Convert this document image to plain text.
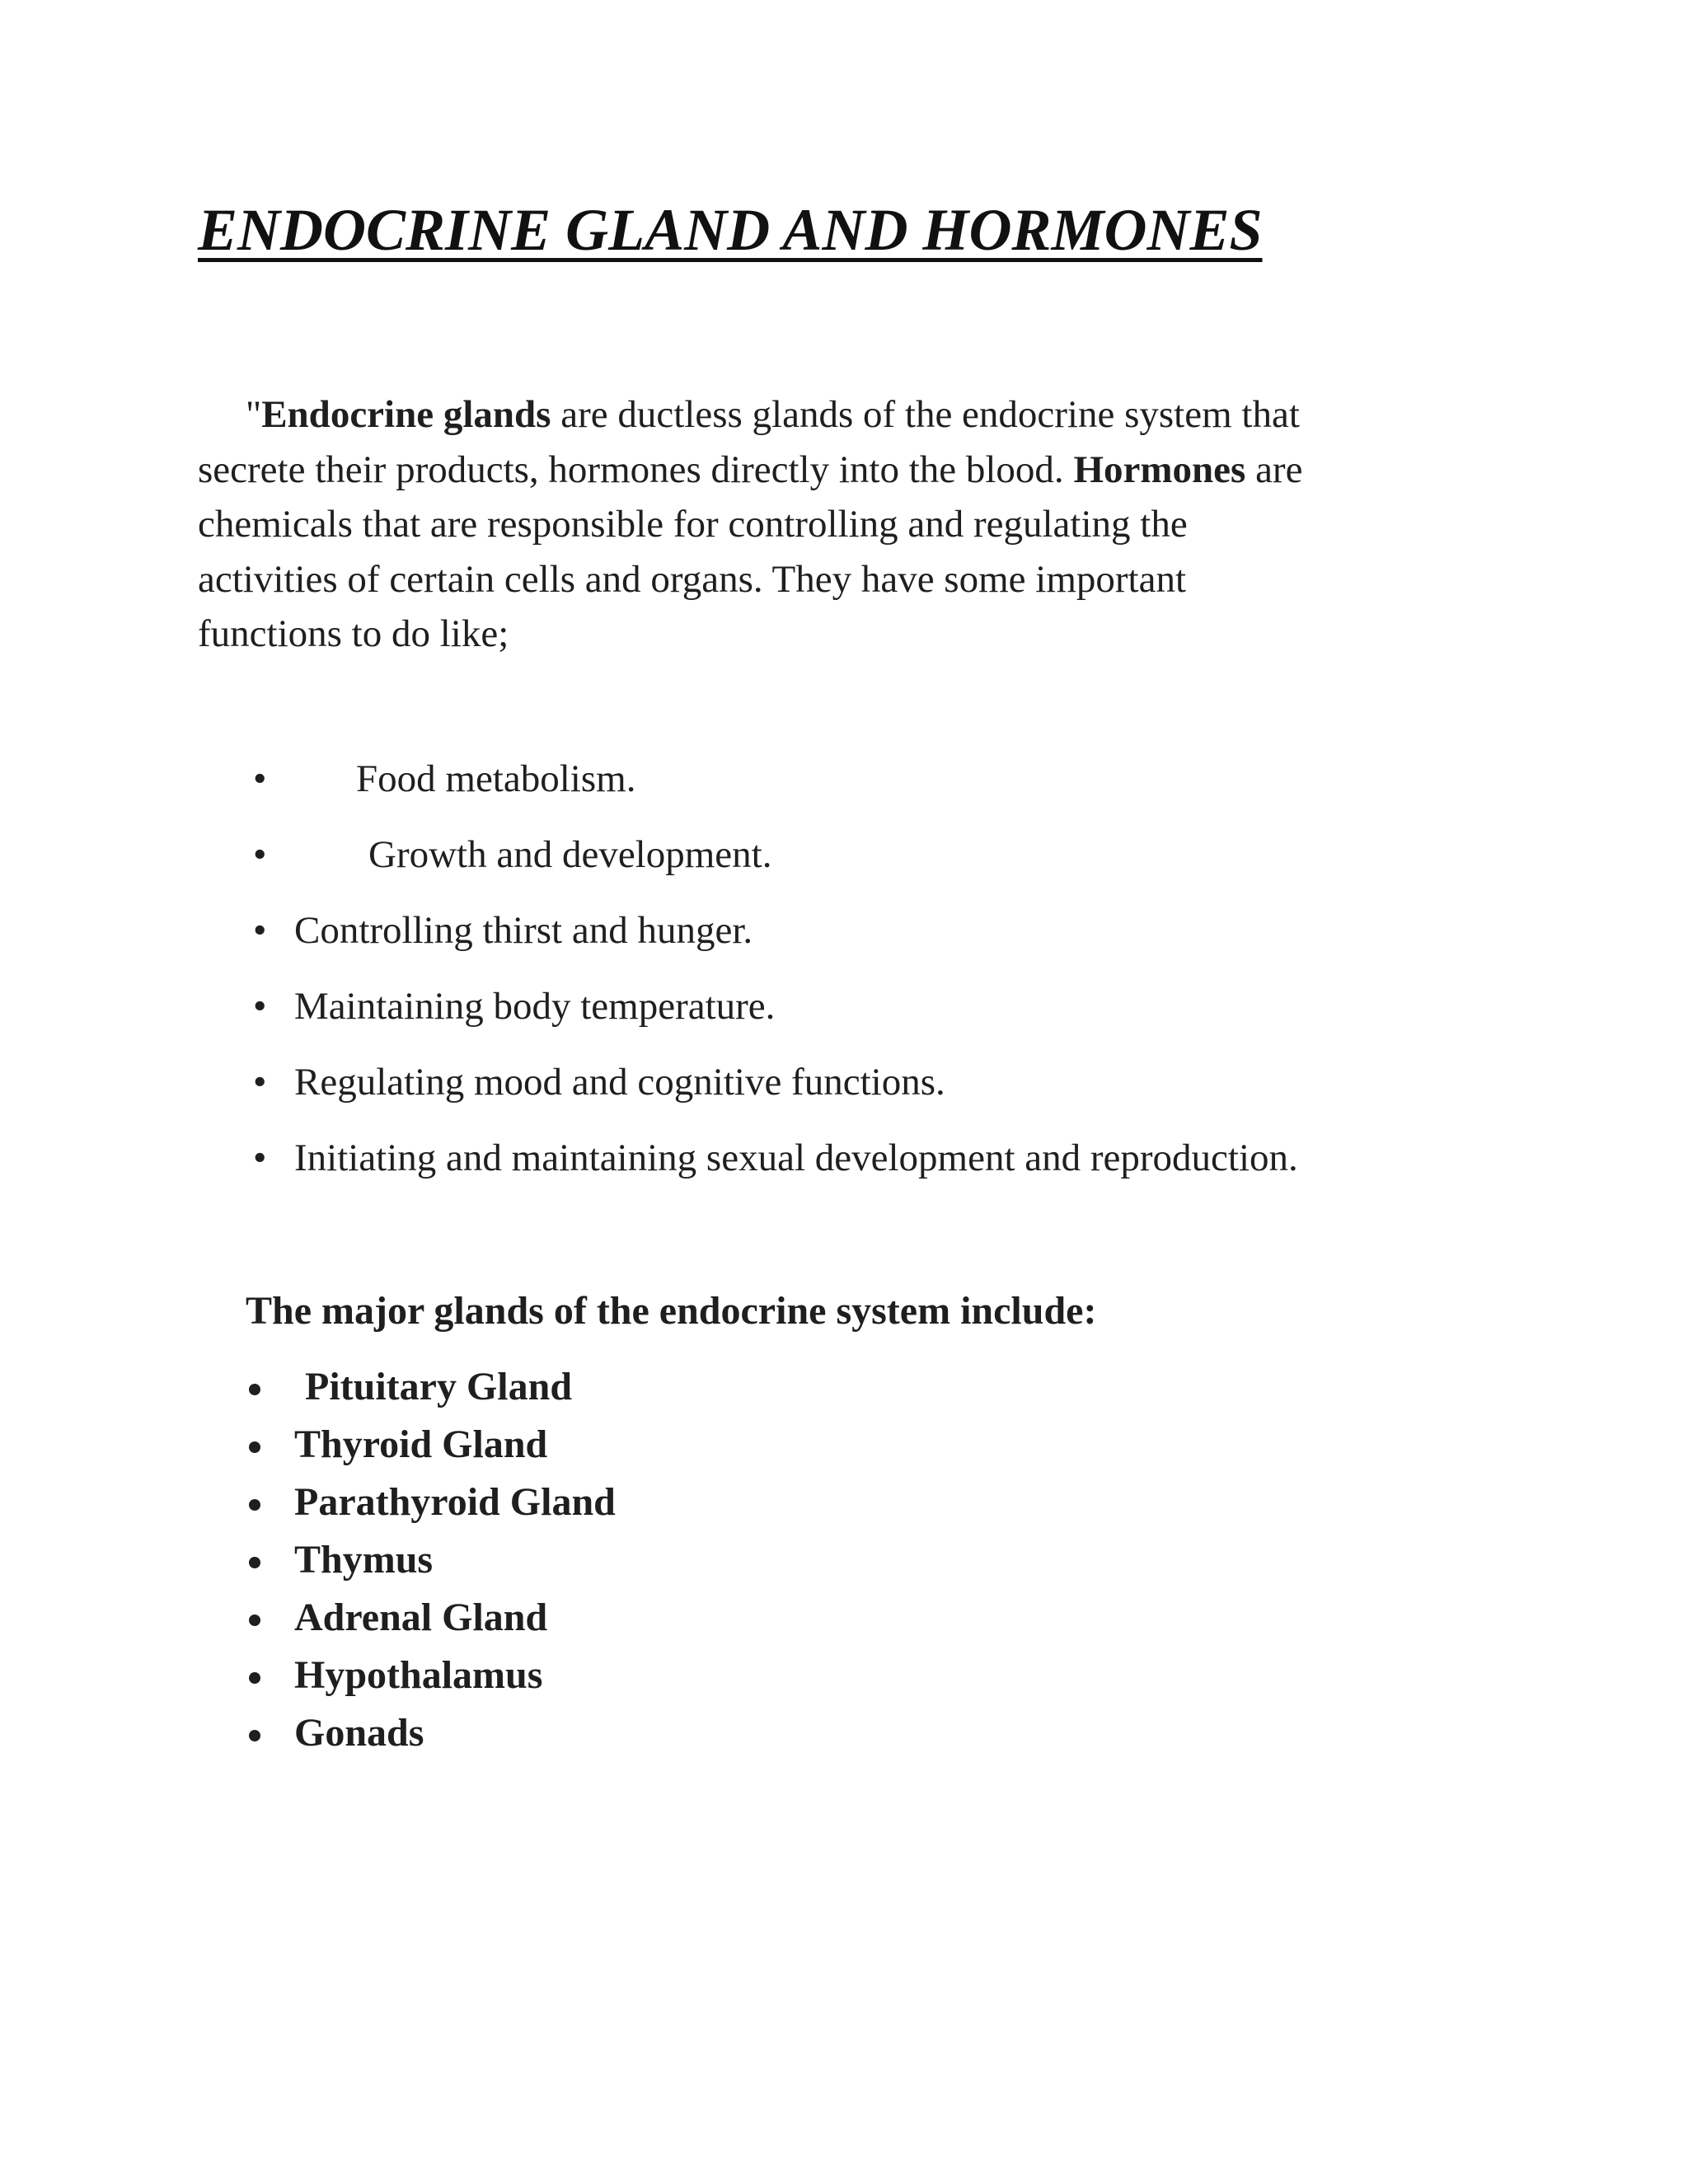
ENDOCRINE GLAND AND HORMONES

"Endocrine glands are ductless glands of the endocrine system that
secrete their products, hormones directly into the blood. Hormones are
chemicals that are responsible for controlling and regulating the
activities of certain cells and organs. They have some important
functions to do like;

• Food metabolism.
•	Growth and development.
• Controlling thirst and hunger.
• Maintaining body temperature.
• Regulating mood and cognitive functions.
• Initiating and maintaining sexual development and reproduction.

The major glands of the endocrine system include:

Pituitary Gland
Thyroid Gland
Parathyroid Gland
Thymus
Adrenal Gland
Hypothalamus
Gonads
